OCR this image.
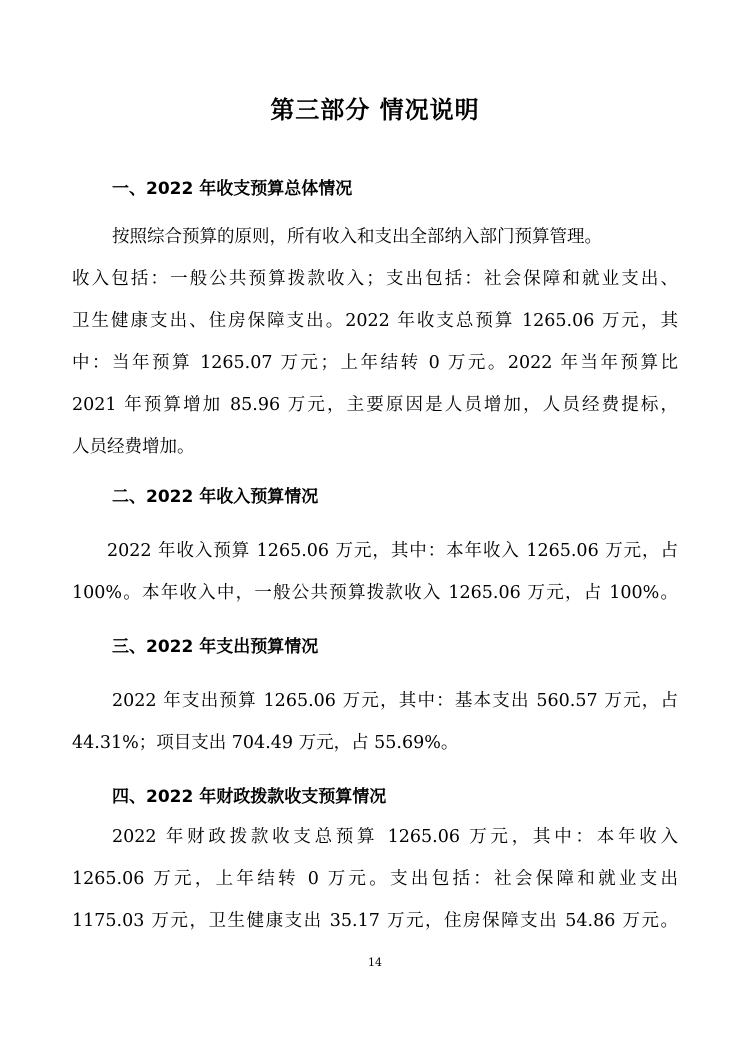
第三部分 情况说明
一、2022 年收支预算总体情况
按照综合预算的原则，所有收入和支出全部纳入部门预算管理。
收入包括：一般公共预算拨款收入；支出包括：社会保障和就业支出、
卫生健康支出、住房保障支出。2022 年收支总预算 1265.06 万元，其
中：当年预算 1265.07 万元；上年结转 0 万元。2022 年当年预算比
2021 年预算增加 85.96 万元，主要原因是人员增加，人员经费提标，
人员经费增加。
二、2022 年收入预算情况
2022 年收入预算 1265.06 万元，其中：本年收入 1265.06 万元，占
100%。本年收入中，一般公共预算拨款收入 1265.06 万元，占 100%。
三、2022 年支出预算情况
2022 年支出预算 1265.06 万元，其中：基本支出 560.57 万元，占
44.31%；项目支出 704.49 万元，占 55.69%。
四、2022 年财政拨款收支预算情况
2022 年财政拨款收支总预算 1265.06 万元，其中：本年收入
1265.06 万元，上年结转 0 万元。支出包括：社会保障和就业支出
1175.03 万元，卫生健康支出 35.17 万元，住房保障支出 54.86 万元。
14
